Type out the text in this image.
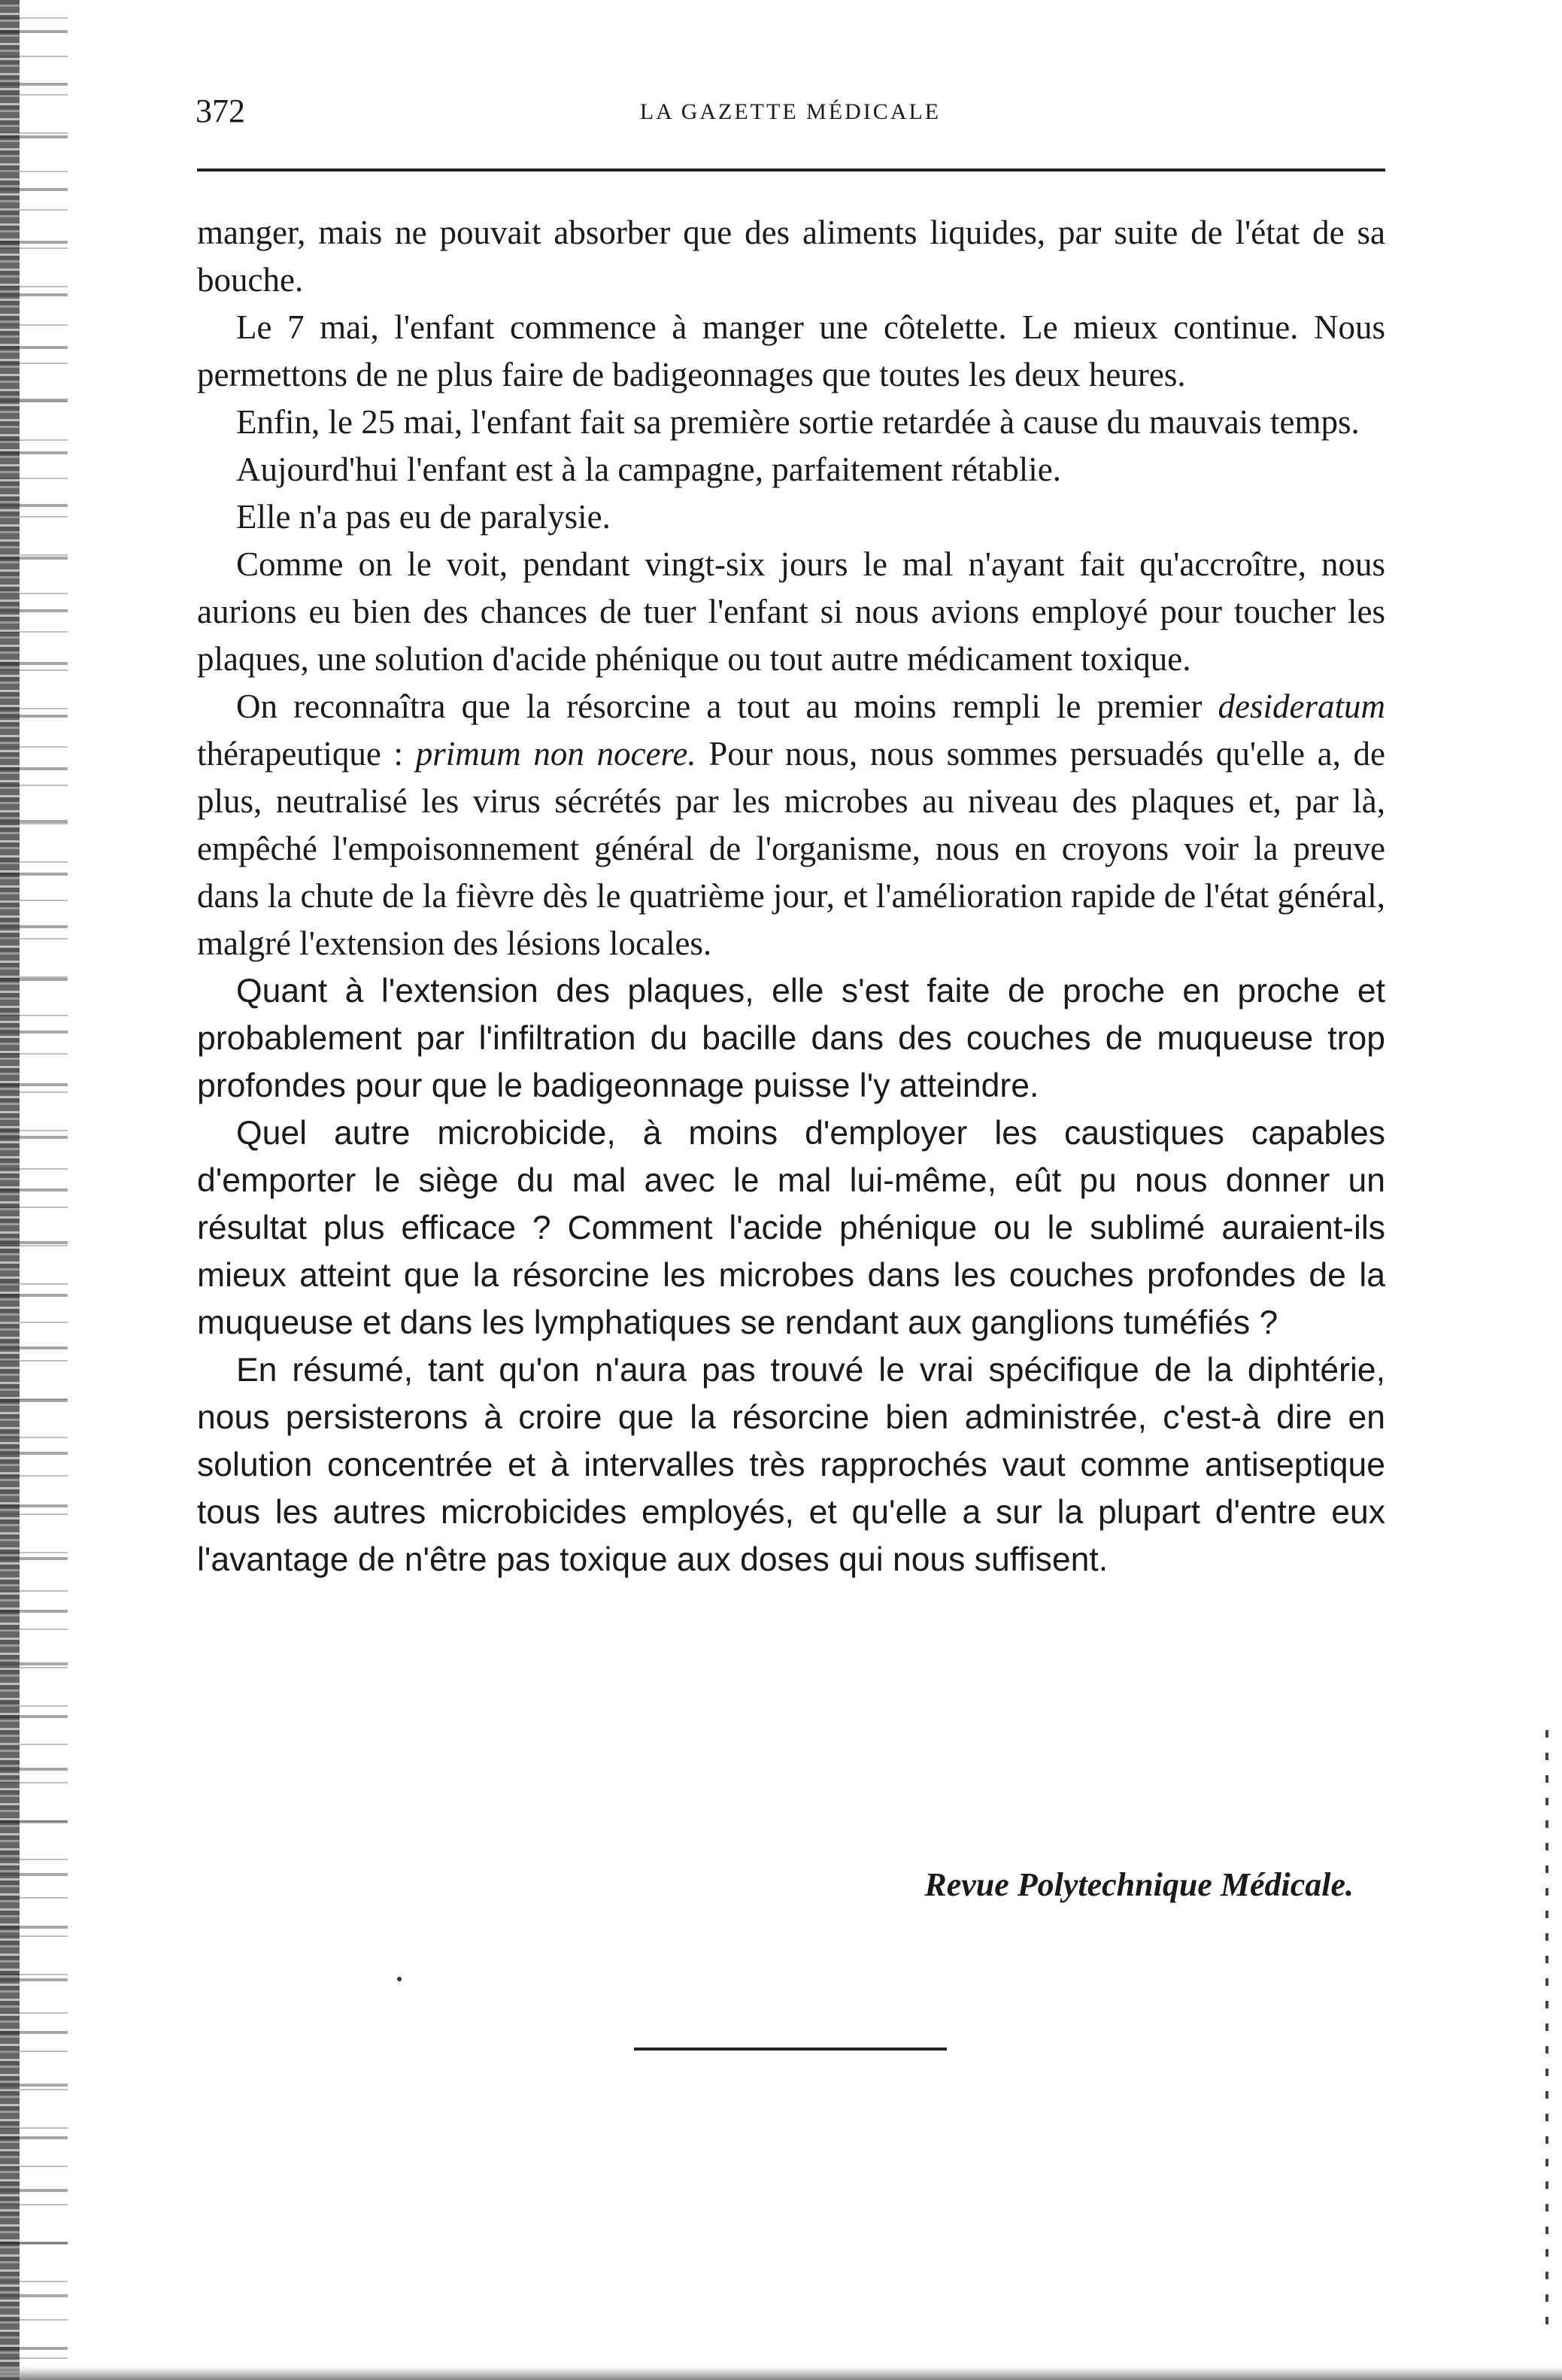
372	LA GAZETTE MÉDICALE

manger, mais ne pouvait absorber que des aliments liquides, par suite de l'état de sa bouche.

Le 7 mai, l'enfant commence à manger une côtelette. Le mieux continue. Nous permettons de ne plus faire de badigeonnages que toutes les deux heures.

Enfin, le 25 mai, l'enfant fait sa première sortie retardée à cause du mauvais temps.

Aujourd'hui l'enfant est à la campagne, parfaitement rétablie.

Elle n'a pas eu de paralysie.

Comme on le voit, pendant vingt-six jours le mal n'ayant fait qu'accroître, nous aurions eu bien des chances de tuer l'enfant si nous avions employé pour toucher les plaques, une solution d'acide phénique ou tout autre médicament toxique.

On reconnaîtra que la résorcine a tout au moins rempli le premier desideratum thérapeutique : primum non nocere. Pour nous, nous sommes persuadés qu'elle a, de plus, neutralisé les virus sécrétés par les microbes au niveau des plaques et, par là, empêché l'empoisonnement général de l'organisme, nous en croyons voir la preuve dans la chute de la fièvre dès le quatrième jour, et l'amélioration rapide de l'état général, malgré l'extension des lésions locales.

Quant à l'extension des plaques, elle s'est faite de proche en proche et probablement par l'infiltration du bacille dans des couches de muqueuse trop profondes pour que le badigeonnage puisse l'y atteindre.

Quel autre microbicide, à moins d'employer les caustiques capables d'emporter le siège du mal avec le mal lui-même, eût pu nous donner un résultat plus efficace ? Comment l'acide phénique ou le sublimé auraient-ils mieux atteint que la résorcine les microbes dans les couches profondes de la muqueuse et dans les lymphatiques se rendant aux ganglions tuméfiés ?

En résumé, tant qu'on n'aura pas trouvé le vrai spécifique de la diphtérie, nous persisterons à croire que la résorcine bien administrée, c'est-à dire en solution concentrée et à intervalles très rapprochés vaut comme antiseptique tous les autres microbicides employés, et qu'elle a sur la plupart d'entre eux l'avantage de n'être pas toxique aux doses qui nous suffisent.

Revue Polytechnique Médicale.
